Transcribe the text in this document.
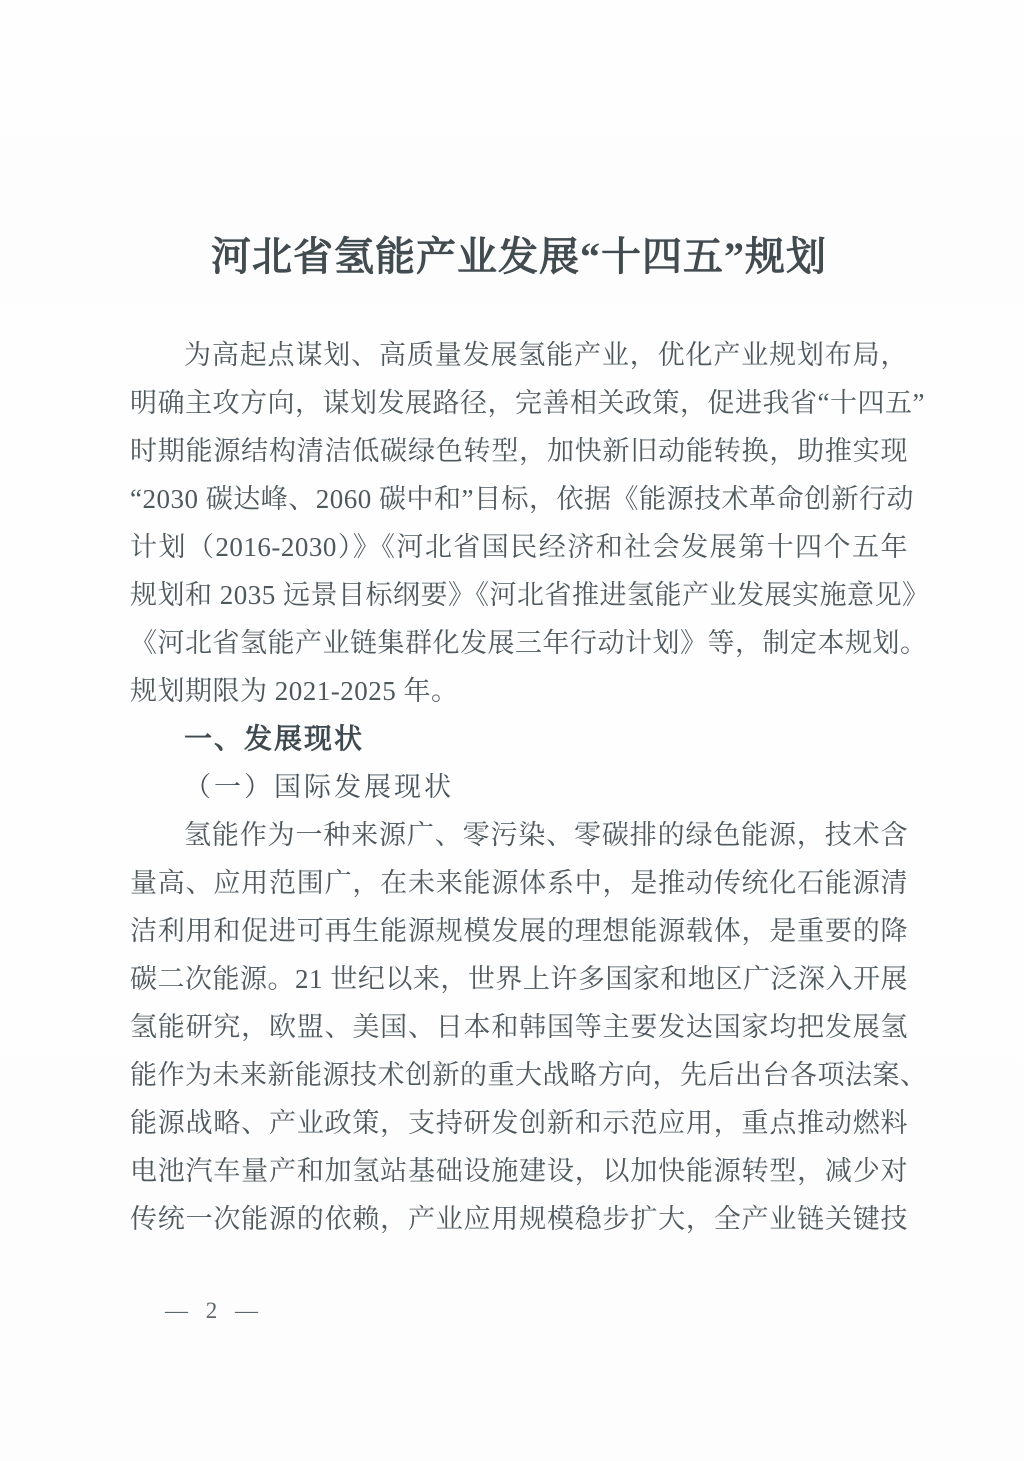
河北省氢能产业发展“十四五”规划
为高起点谋划、高质量发展氢能产业，优化产业规划布局，
明确主攻方向，谋划发展路径，完善相关政策，促进我省“十四五”
时期能源结构清洁低碳绿色转型，加快新旧动能转换，助推实现
“2030 碳达峰、2060 碳中和”目标，依据《能源技术革命创新行动
计划（2016-2030）》《河北省国民经济和社会发展第十四个五年
规划和 2035 远景目标纲要》《河北省推进氢能产业发展实施意见》
《河北省氢能产业链集群化发展三年行动计划》等，制定本规划。
规划期限为 2021-2025 年。
一、发展现状
（一）国际发展现状
氢能作为一种来源广、零污染、零碳排的绿色能源，技术含
量高、应用范围广，在未来能源体系中，是推动传统化石能源清
洁利用和促进可再生能源规模发展的理想能源载体，是重要的降
碳二次能源。21 世纪以来，世界上许多国家和地区广泛深入开展
氢能研究，欧盟、美国、日本和韩国等主要发达国家均把发展氢
能作为未来新能源技术创新的重大战略方向，先后出台各项法案、
能源战略、产业政策，支持研发创新和示范应用，重点推动燃料
电池汽车量产和加氢站基础设施建设，以加快能源转型，减少对
传统一次能源的依赖，产业应用规模稳步扩大，全产业链关键技
— 2 —
